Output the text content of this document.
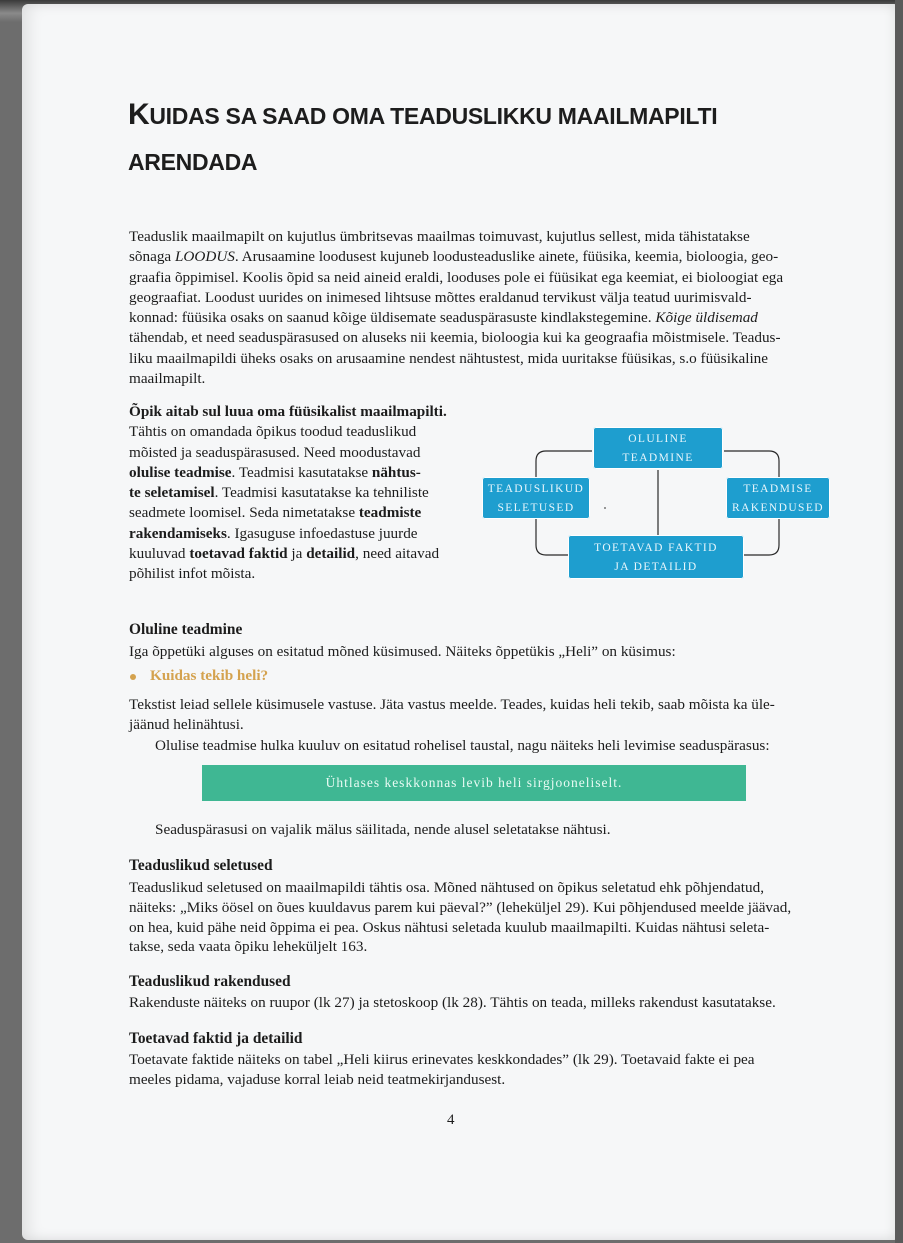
KUIDAS SA SAAD OMA TEADUSLIKKU MAAILMAPILTI
ARENDADA
Teaduslik maailmapilt on kujutlus ümbritsevas maailmas toimuvast, kujutlus sellest, mida tähistatakse
sõnaga LOODUS. Arusaamine loodusest kujuneb loodusteaduslike ainete, füüsika, keemia, bioloogia, geo-
graafia õppimisel. Koolis õpid sa neid aineid eraldi, looduses pole ei füüsikat ega keemiat, ei bioloogiat ega
geograafiat. Loodust uurides on inimesed lihtsuse mõttes eraldanud tervikust välja teatud uurimisvald-
konnad: füüsika osaks on saanud kõige üldisemate seaduspärasuste kindlakstegemine. Kõige üldisemad
tähendab, et need seaduspärasused on aluseks nii keemia, bioloogia kui ka geograafia mõistmisele. Teadus-
liku maailmapildi üheks osaks on arusaamine nendest nähtustest, mida uuritakse füüsikas, s.o füüsikaline
maailmapilt.
Õpik aitab sul luua oma füüsikalist maailmapilti.
Tähtis on omandada õpikus toodud teaduslikud
mõisted ja seaduspärasused. Need moodustavad
olulise teadmise. Teadmisi kasutatakse nähtus-
te seletamisel. Teadmisi kasutatakse ka tehniliste
seadmete loomisel. Seda nimetatakse teadmiste
rakendamiseks. Igasuguse infoedastuse juurde
kuuluvad toetavad faktid ja detailid, need aitavad
põhilist infot mõista.
OLULINE
TEADMINE
TEADUSLIKUD
SELETUSED
TEADMISE
RAKENDUSED
TOETAVAD FAKTID
JA DETAILID
Oluline teadmine
Iga õppetüki alguses on esitatud mõned küsimused. Näiteks õppetükis „Heli” on küsimus:
Kuidas tekib heli?
Tekstist leiad sellele küsimusele vastuse. Jäta vastus meelde. Teades, kuidas heli tekib, saab mõista ka üle-
jäänud helinähtusi.
Olulise teadmise hulka kuuluv on esitatud rohelisel taustal, nagu näiteks heli levimise seaduspärasus:
Ühtlases keskkonnas levib heli sirgjooneliselt.
Seaduspärasusi on vajalik mälus säilitada, nende alusel seletatakse nähtusi.
Teaduslikud seletused
Teaduslikud seletused on maailmapildi tähtis osa. Mõned nähtused on õpikus seletatud ehk põhjendatud,
näiteks: „Miks öösel on õues kuuldavus parem kui päeval?” (leheküljel 29). Kui põhjendused meelde jäävad,
on hea, kuid pähe neid õppima ei pea. Oskus nähtusi seletada kuulub maailmapilti. Kuidas nähtusi seleta-
takse, seda vaata õpiku leheküljelt 163.
Teaduslikud rakendused
Rakenduste näiteks on ruupor (lk 27) ja stetoskoop (lk 28). Tähtis on teada, milleks rakendust kasutatakse.
Toetavad faktid ja detailid
Toetavate faktide näiteks on tabel „Heli kiirus erinevates keskkondades” (lk 29). Toetavaid fakte ei pea
meeles pidama, vajaduse korral leiab neid teatmekirjandusest.
4
